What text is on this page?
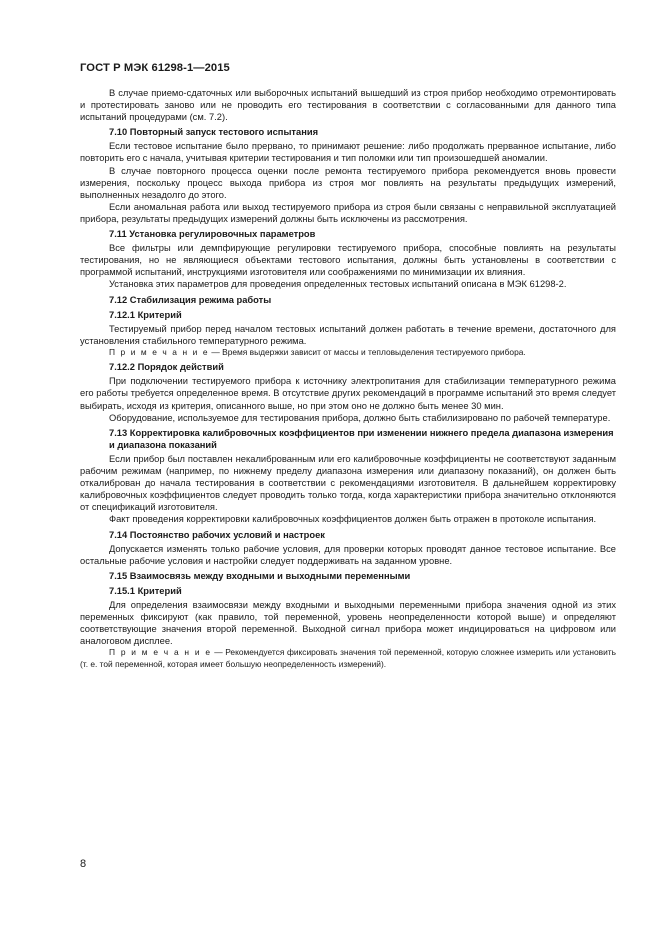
ГОСТ Р МЭК 61298-1—2015
В случае приемо-сдаточных или выборочных испытаний вышедший из строя прибор необходимо отремонтировать и протестировать заново или не проводить его тестирования в соответствии с согласованными для данного типа испытаний процедурами (см. 7.2).
7.10 Повторный запуск тестового испытания
Если тестовое испытание было прервано, то принимают решение: либо продолжать прерванное испытание, либо повторить его с начала, учитывая критерии тестирования и тип поломки или тип произошедшей аномалии.
В случае повторного процесса оценки после ремонта тестируемого прибора рекомендуется вновь провести измерения, поскольку процесс выхода прибора из строя мог повлиять на результаты предыдущих измерений, выполненных незадолго до этого.
Если аномальная работа или выход тестируемого прибора из строя были связаны с неправильной эксплуатацией прибора, результаты предыдущих измерений должны быть исключены из рассмотрения.
7.11 Установка регулировочных параметров
Все фильтры или демпфирующие регулировки тестируемого прибора, способные повлиять на результаты тестирования, но не являющиеся объектами тестового испытания, должны быть установлены в соответствии с программой испытаний, инструкциями изготовителя или соображениями по минимизации их влияния.
Установка этих параметров для проведения определенных тестовых испытаний описана в МЭК 61298-2.
7.12 Стабилизация режима работы
7.12.1 Критерий
Тестируемый прибор перед началом тестовых испытаний должен работать в течение времени, достаточного для установления стабильного температурного режима.
П р и м е ч а н и е — Время выдержки зависит от массы и тепловыделения тестируемого прибора.
7.12.2 Порядок действий
При подключении тестируемого прибора к источнику электропитания для стабилизации температурного режима его работы требуется определенное время. В отсутствие других рекомендаций в программе испытаний это время следует выбирать, исходя из критерия, описанного выше, но при этом оно не должно быть менее 30 мин.
Оборудование, используемое для тестирования прибора, должно быть стабилизировано по рабочей температуре.
7.13 Корректировка калибровочных коэффициентов при изменении нижнего предела диапазона измерения и диапазона показаний
Если прибор был поставлен некалиброванным или его калибровочные коэффициенты не соответствуют заданным рабочим режимам (например, по нижнему пределу диапазона измерения или диапазону показаний), он должен быть откалиброван до начала тестирования в соответствии с рекомендациями изготовителя. В дальнейшем корректировку калибровочных коэффициентов следует проводить только тогда, когда характеристики прибора значительно отклоняются от спецификаций изготовителя.
Факт проведения корректировки калибровочных коэффициентов должен быть отражен в протоколе испытания.
7.14 Постоянство рабочих условий и настроек
Допускается изменять только рабочие условия, для проверки которых проводят данное тестовое испытание. Все остальные рабочие условия и настройки следует поддерживать на заданном уровне.
7.15 Взаимосвязь между входными и выходными переменными
7.15.1 Критерий
Для определения взаимосвязи между входными и выходными переменными прибора значения одной из этих переменных фиксируют (как правило, той переменной, уровень неопределенности которой выше) и определяют соответствующие значения второй переменной. Выходной сигнал прибора может индицироваться на цифровом или аналоговом дисплее.
П р и м е ч а н и е — Рекомендуется фиксировать значения той переменной, которую сложнее измерить или установить (т. е. той переменной, которая имеет большую неопределенность измерений).
8
